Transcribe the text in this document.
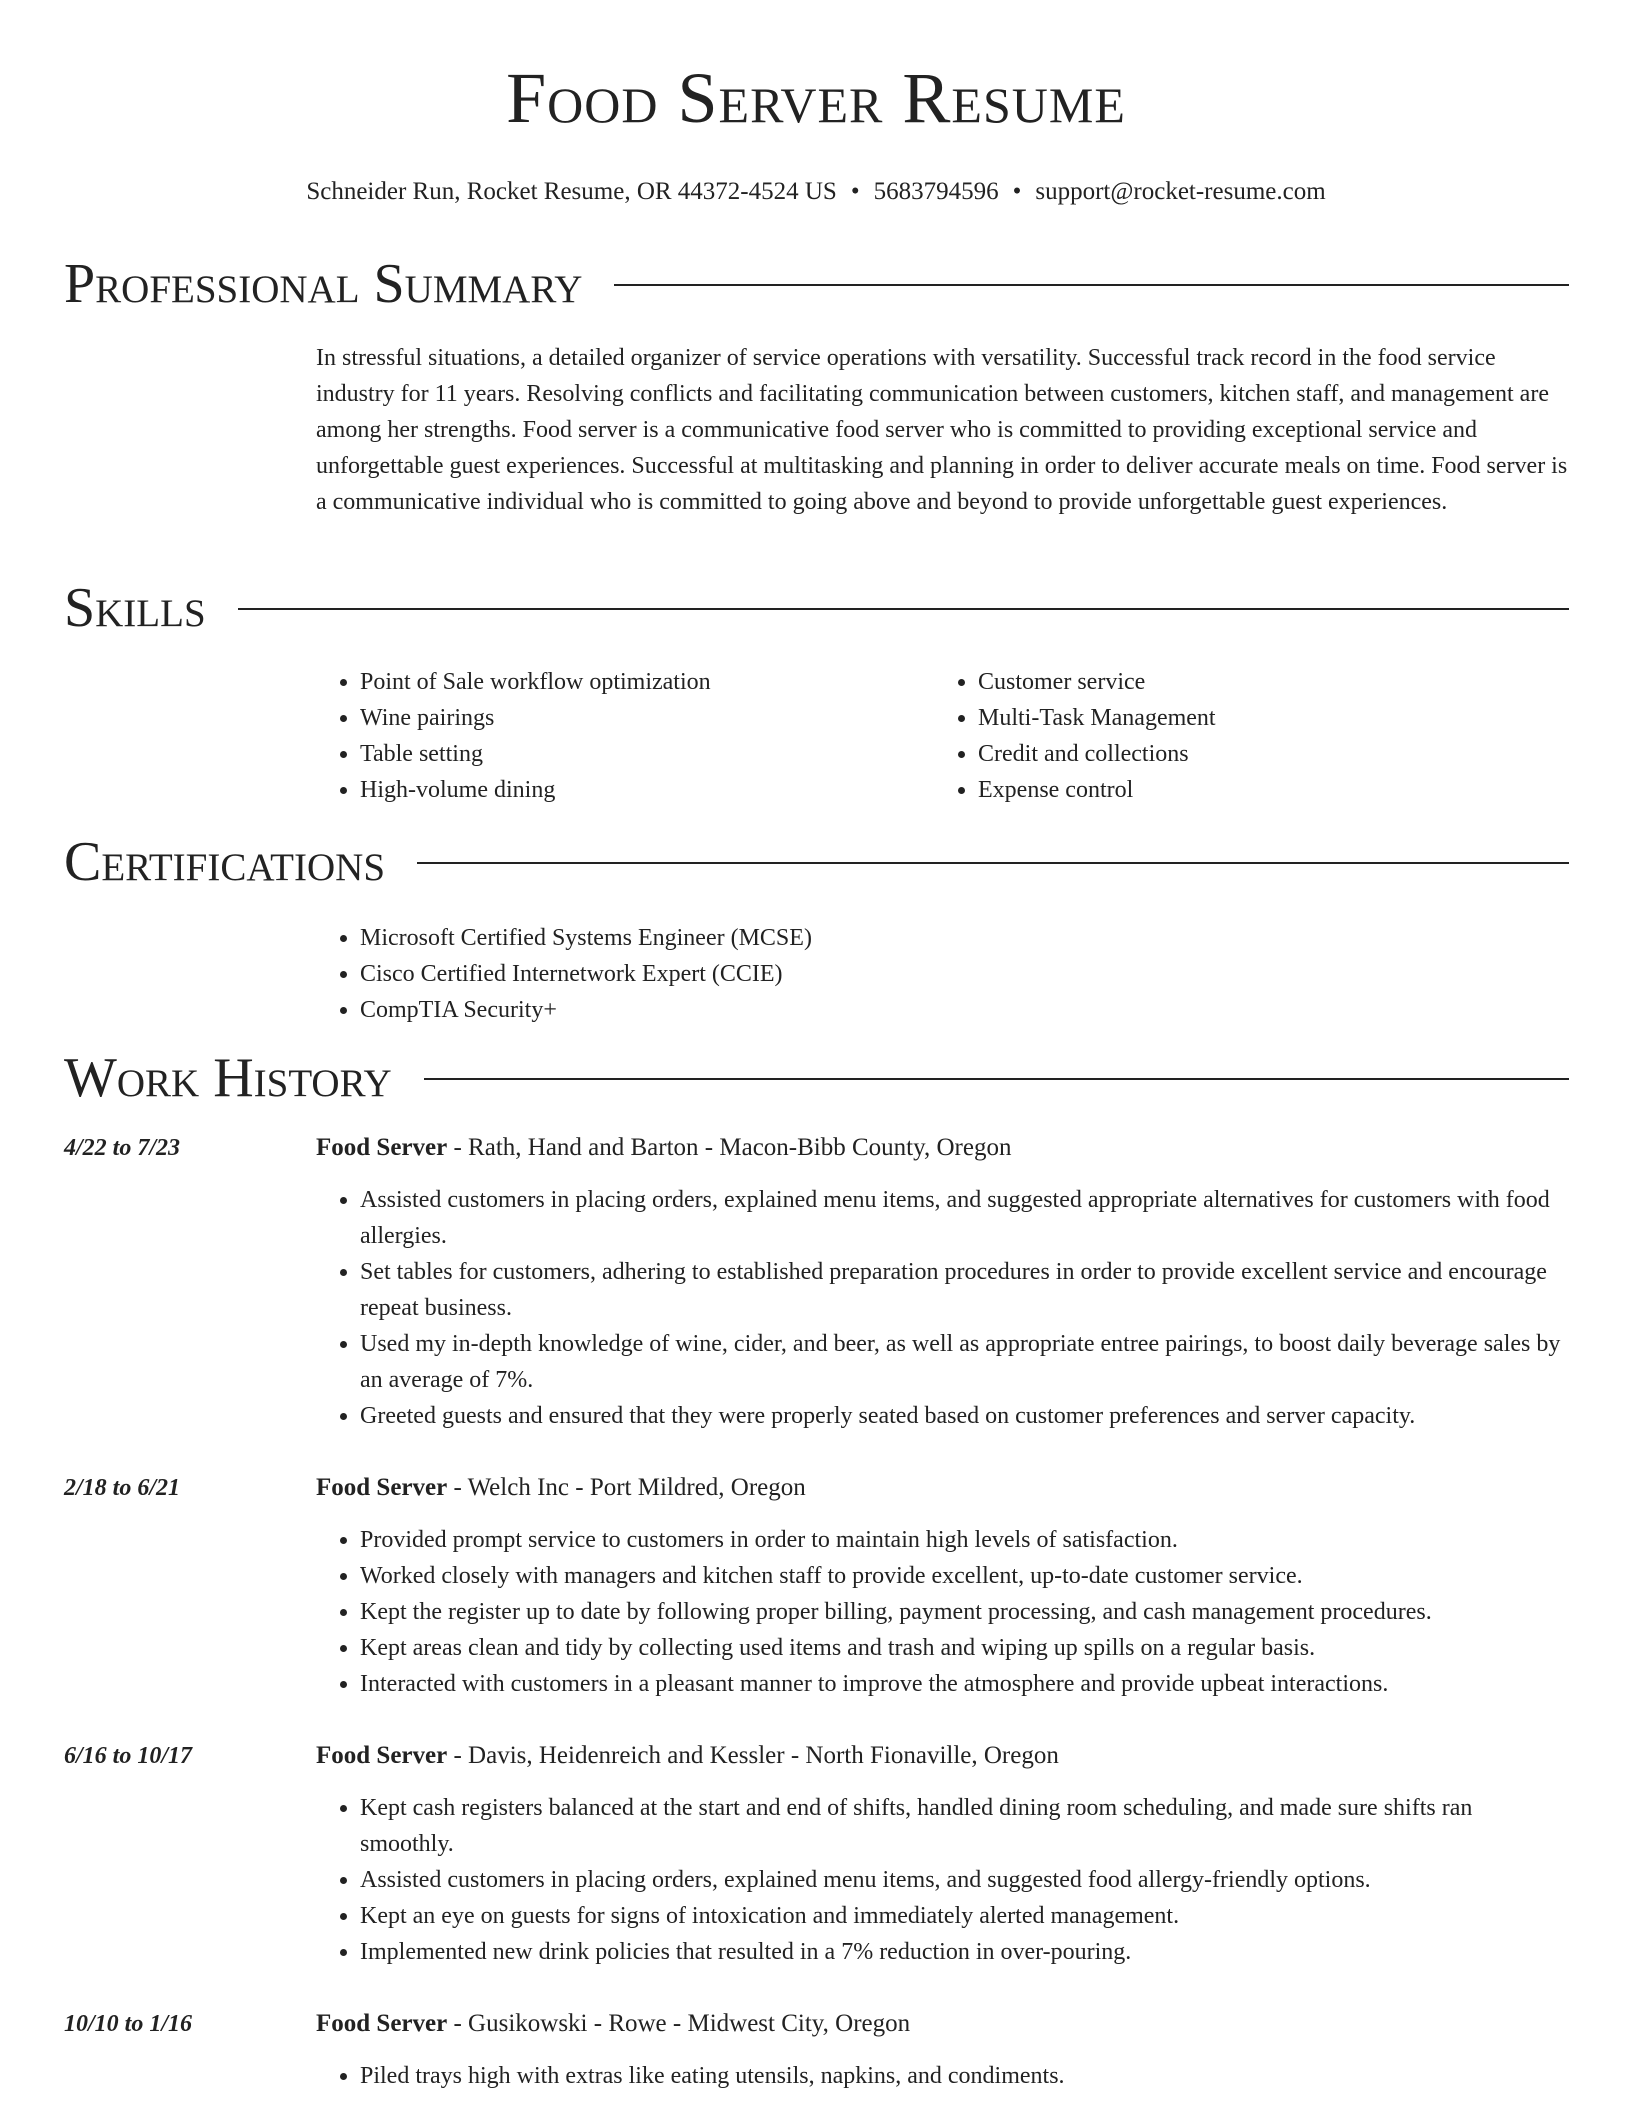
Food Server Resume
Schneider Run, Rocket Resume, OR 44372-4524 US • 5683794596 • support@rocket-resume.com
Professional Summary

In stressful situations, a detailed organizer of service operations with versatility. Successful track record in the food service industry for 11 years. Resolving conflicts and facilitating communication between customers, kitchen staff, and management are among her strengths. Food server is a communicative food server who is committed to providing exceptional service and unforgettable guest experiences. Successful at multitasking and planning in order to deliver accurate meals on time. Food server is a communicative individual who is committed to going above and beyond to provide unforgettable guest experiences.

Skills
• Point of Sale workflow optimization
• Wine pairings
• Table setting
• High-volume dining
• Customer service
• Multi-Task Management
• Credit and collections
• Expense control
Certifications
• Microsoft Certified Systems Engineer (MCSE)
• Cisco Certified Internetwork Expert (CCIE)
• CompTIA Security+
Work History
4/22 to 7/23	Food Server - Rath, Hand and Barton - Macon-Bibb County, Oregon
• Assisted customers in placing orders, explained menu items, and suggested appropriate alternatives for customers with food allergies.
• Set tables for customers, adhering to established preparation procedures in order to provide excellent service and encourage repeat business.
• Used my in-depth knowledge of wine, cider, and beer, as well as appropriate entree pairings, to boost daily beverage sales by an average of 7%.
• Greeted guests and ensured that they were properly seated based on customer preferences and server capacity.
2/18 to 6/21	Food Server - Welch Inc - Port Mildred, Oregon
• Provided prompt service to customers in order to maintain high levels of satisfaction.
• Worked closely with managers and kitchen staff to provide excellent, up-to-date customer service.
• Kept the register up to date by following proper billing, payment processing, and cash management procedures.
• Kept areas clean and tidy by collecting used items and trash and wiping up spills on a regular basis.
• Interacted with customers in a pleasant manner to improve the atmosphere and provide upbeat interactions.
6/16 to 10/17	Food Server - Davis, Heidenreich and Kessler - North Fionaville, Oregon
• Kept cash registers balanced at the start and end of shifts, handled dining room scheduling, and made sure shifts ran smoothly.
• Assisted customers in placing orders, explained menu items, and suggested food allergy-friendly options.
• Kept an eye on guests for signs of intoxication and immediately alerted management.
• Implemented new drink policies that resulted in a 7% reduction in over-pouring.
10/10 to 1/16	Food Server - Gusikowski - Rowe - Midwest City, Oregon
• Piled trays high with extras like eating utensils, napkins, and condiments.
